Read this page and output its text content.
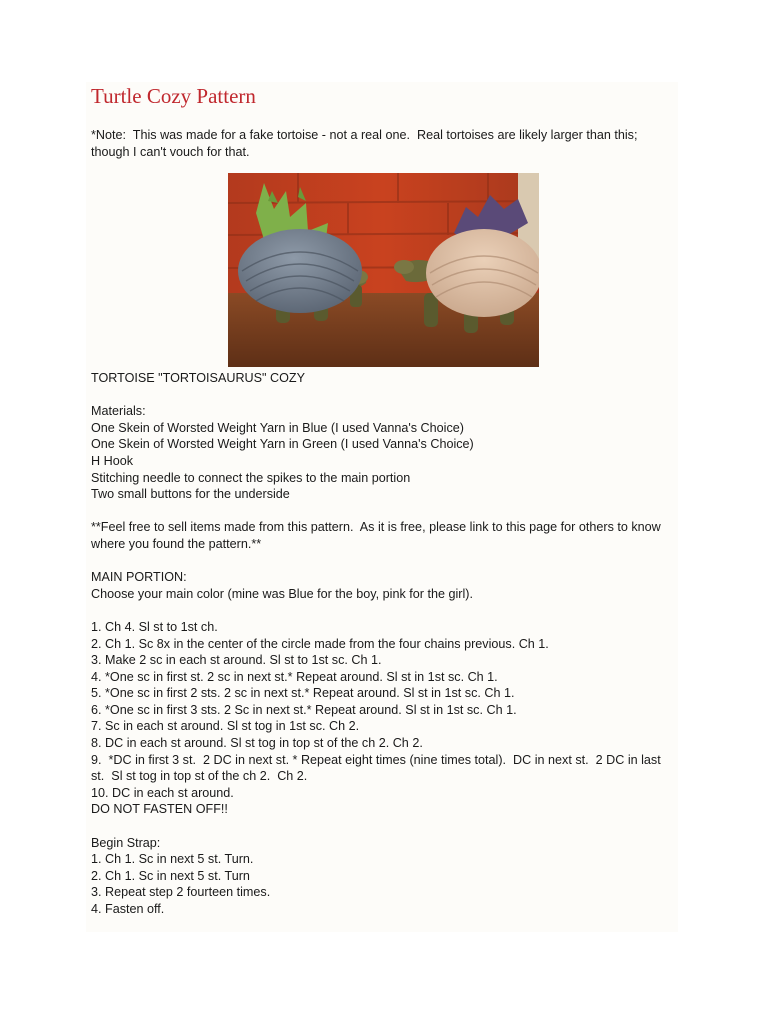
Turtle Cozy Pattern

*Note:  This was made for a fake tortoise - not a real one.  Real tortoises are likely larger than this;

though I can't vouch for that.

TORTOISE "TORTOISAURUS" COZY

Materials:

One Skein of Worsted Weight Yarn in Blue (I used Vanna's Choice)

One Skein of Worsted Weight Yarn in Green (I used Vanna's Choice)

H Hook

Stitching needle to connect the spikes to the main portion

Two small buttons for the underside

**Feel free to sell items made from this pattern.  As it is free, please link to this page for others to know

where you found the pattern.**

MAIN PORTION:

Choose your main color (mine was Blue for the boy, pink for the girl).

1. Ch 4. Sl st to 1st ch.

2. Ch 1. Sc 8x in the center of the circle made from the four chains previous. Ch 1.

3. Make 2 sc in each st around. Sl st to 1st sc. Ch 1.

4. *One sc in first st. 2 sc in next st.* Repeat around. Sl st in 1st sc. Ch 1.

5. *One sc in first 2 sts. 2 sc in next st.* Repeat around. Sl st in 1st sc. Ch 1.

6. *One sc in first 3 sts. 2 Sc in next st.* Repeat around. Sl st in 1st sc. Ch 1.

7. Sc in each st around. Sl st tog in 1st sc. Ch 2.

8. DC in each st around. Sl st tog in top st of the ch 2. Ch 2.

9.  *DC in first 3 st.  2 DC in next st. * Repeat eight times (nine times total).  DC in next st.  2 DC in last

st.  Sl st tog in top st of the ch 2.  Ch 2.

10. DC in each st around.

DO NOT FASTEN OFF!!

Begin Strap:

1. Ch 1. Sc in next 5 st. Turn.

2. Ch 1. Sc in next 5 st. Turn

3. Repeat step 2 fourteen times.

4. Fasten off.
